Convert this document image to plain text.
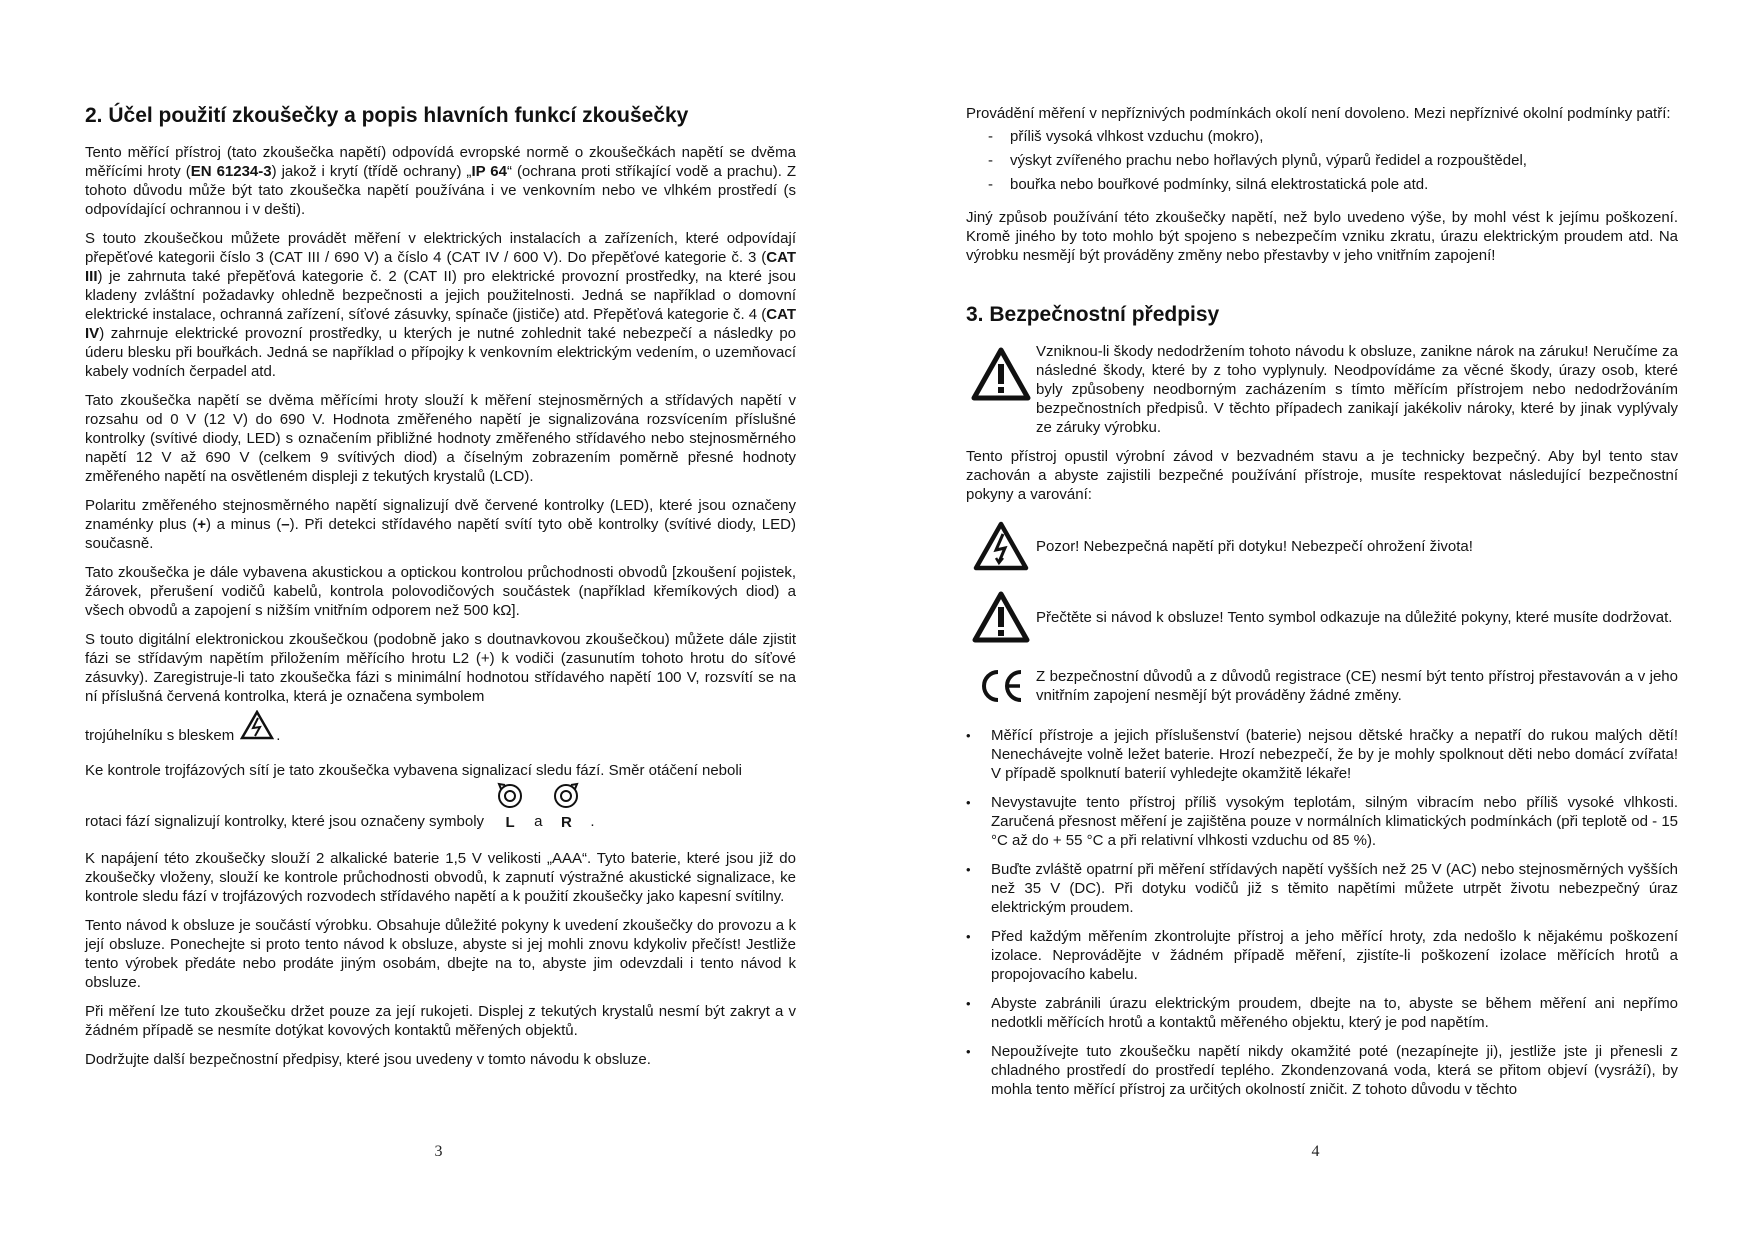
2. Účel použití zkoušečky a popis hlavních funkcí zkoušečky

Tento měřící přístroj (tato zkoušečka napětí) odpovídá evropské normě o zkoušečkách napětí se dvěma měřícími hroty (EN 61234-3) jakož i krytí (třídě ochrany) „IP 64“ (ochrana proti stříkající vodě a prachu). Z tohoto důvodu může být tato zkoušečka napětí používána i ve venkovním nebo ve vlhkém prostředí (s odpovídající ochrannou i v dešti).

S touto zkoušečkou můžete provádět měření v elektrických instalacích a zařízeních, které odpovídají přepěťové kategorii číslo 3 (CAT III / 690 V) a číslo 4 (CAT IV / 600 V). Do přepěťové kategorie č. 3 (CAT III) je zahrnuta také přepěťová kategorie č. 2 (CAT II) pro elektrické provozní prostředky, na které jsou kladeny zvláštní požadavky ohledně bezpečnosti a jejich použitelnosti. Jedná se například o domovní elektrické instalace, ochranná zařízení, síťové zásuvky, spínače (jističe) atd. Přepěťová kategorie č. 4 (CAT IV) zahrnuje elektrické provozní prostředky, u kterých je nutné zohlednit také nebezpečí a následky po úderu blesku při bouřkách. Jedná se například o přípojky k venkovním elektrickým vedením, o uzemňovací kabely vodních čerpadel atd.

Tato zkoušečka napětí se dvěma měřícími hroty slouží k měření stejnosměrných a střídavých napětí v rozsahu od 0 V (12 V) do 690 V. Hodnota změřeného napětí je signalizována rozsvícením příslušné kontrolky (svítivé diody, LED) s označením přibližné hodnoty změřeného střídavého nebo stejnosměrného napětí 12 V až 690 V (celkem 9 svítivých diod) a číselným zobrazením poměrně přesné hodnoty změřeného napětí na osvětleném displeji z tekutých krystalů (LCD).

Polaritu změřeného stejnosměrného napětí signalizují dvě červené kontrolky (LED), které jsou označeny znaménky plus (+) a minus (–). Při detekci střídavého napětí svítí tyto obě kontrolky (svítivé diody, LED) současně.

Tato zkoušečka je dále vybavena akustickou a optickou kontrolou průchodnosti obvodů [zkoušení pojistek, žárovek, přerušení vodičů kabelů, kontrola polovodičových součástek (například křemíkových diod) a všech obvodů a zapojení s nižším vnitřním odporem než 500 kΩ].

S touto digitální elektronickou zkoušečkou (podobně jako s doutnavkovou zkoušečkou) můžete dále zjistit fázi se střídavým napětím přiložením měřícího hrotu L2 (+) k vodiči (zasunutím tohoto hrotu do síťové zásuvky). Zaregistruje-li tato zkoušečka fázi s minimální hodnotou střídavého napětí 100 V, rozsvítí se na ní příslušná červená kontrolka, která je označena symbolem

trojúhelníku s bleskem	.

Ke kontrole trojfázových sítí je tato zkoušečka vybavena signalizací sledu fází. Směr otáčení neboli

rotaci fází signalizují kontrolky, které jsou označeny symboly L a R .

K napájení této zkoušečky slouží 2 alkalické baterie 1,5 V velikosti „AAA“. Tyto baterie, které jsou již do zkoušečky vloženy, slouží ke kontrole průchodnosti obvodů, k zapnutí výstražné akustické signalizace, ke kontrole sledu fází v trojfázových rozvodech střídavého napětí a k použití zkoušečky jako kapesní svítilny.

Tento návod k obsluze je součástí výrobku. Obsahuje důležité pokyny k uvedení zkoušečky do provozu a k její obsluze. Ponechejte si proto tento návod k obsluze, abyste si jej mohli znovu kdykoliv přečíst! Jestliže tento výrobek předáte nebo prodáte jiným osobám, dbejte na to, abyste jim odevzdali i tento návod k obsluze.

Při měření lze tuto zkoušečku držet pouze za její rukojeti. Displej z tekutých krystalů nesmí být zakryt a v žádném případě se nesmíte dotýkat kovových kontaktů měřených objektů.

Dodržujte další bezpečnostní předpisy, které jsou uvedeny v tomto návodu k obsluze.

3

Provádění měření v nepříznivých podmínkách okolí není dovoleno. Mezi nepříznivé okolní podmínky patří:

- příliš vysoká vlhkost vzduchu (mokro),
- výskyt zvířeného prachu nebo hořlavých plynů, výparů ředidel a rozpouštědel,
- bouřka nebo bouřkové podmínky, silná elektrostatická pole atd.

Jiný způsob používání této zkoušečky napětí, než bylo uvedeno výše, by mohl vést k jejímu poškození. Kromě jiného by toto mohlo být spojeno s nebezpečím vzniku zkratu, úrazu elektrickým proudem atd. Na výrobku nesmějí být prováděny změny nebo přestavby v jeho vnitřním zapojení!

3. Bezpečnostní předpisy
Vzniknou-li škody nedodržením tohoto návodu k obsluze, zanikne nárok na záruku! Neručíme za následné škody, které by z toho vyplynuly. Neodpovídáme za věcné škody, úrazy osob, které byly způsobeny neodborným zacházením s tímto měřícím přístrojem nebo nedodržováním bezpečnostních předpisů. V těchto případech zanikají jakékoliv nároky, které by jinak vyplývaly ze záruky výrobku.

Tento přístroj opustil výrobní závod v bezvadném stavu a je technicky bezpečný. Aby byl tento stav zachován a abyste zajistili bezpečné používání přístroje, musíte respektovat následující bezpečnostní pokyny a varování:

Pozor! Nebezpečná napětí při dotyku! Nebezpečí ohrožení života!
Přečtěte si návod k obsluze! Tento symbol odkazuje na důležité pokyny, které musíte dodržovat.
Z bezpečnostní důvodů a z důvodů registrace (CE) nesmí být tento přístroj přestavován a v jeho vnitřním zapojení nesmějí být prováděny žádné změny.
• Měřící přístroje a jejich příslušenství (baterie) nejsou dětské hračky a nepatří do rukou malých dětí! Nenechávejte volně ležet baterie. Hrozí nebezpečí, že by je mohly spolknout děti nebo domácí zvířata! V případě spolknutí baterií vyhledejte okamžitě lékaře!
• Nevystavujte tento přístroj příliš vysokým teplotám, silným vibracím nebo příliš vysoké vlhkosti. Zaručená přesnost měření je zajištěna pouze v normálních klimatických podmínkách (při teplotě od - 15 °C až do + 55 °C a při relativní vlhkosti vzduchu od 85 %).
• Buďte zvláště opatrní při měření střídavých napětí vyšších než 25 V (AC) nebo stejnosměrných vyšších než 35 V (DC). Při dotyku vodičů již s těmito napětími můžete utrpět životu nebezpečný úraz elektrickým proudem.
• Před každým měřením zkontrolujte přístroj a jeho měřící hroty, zda nedošlo k nějakému poškození izolace. Neprovádějte v žádném případě měření, zjistíte-li poškození izolace měřících hrotů a propojovacího kabelu.
• Abyste zabránili úrazu elektrickým proudem, dbejte na to, abyste se během měření ani nepřímo nedotkli měřících hrotů a kontaktů měřeného objektu, který je pod napětím.
• Nepoužívejte tuto zkoušečku napětí nikdy okamžité poté (nezapínejte ji), jestliže jste ji přenesli z chladného prostředí do prostředí teplého. Zkondenzovaná voda, která se přitom objeví (vysráží), by mohla tento měřící přístroj za určitých okolností zničit. Z tohoto důvodu v těchto
4
